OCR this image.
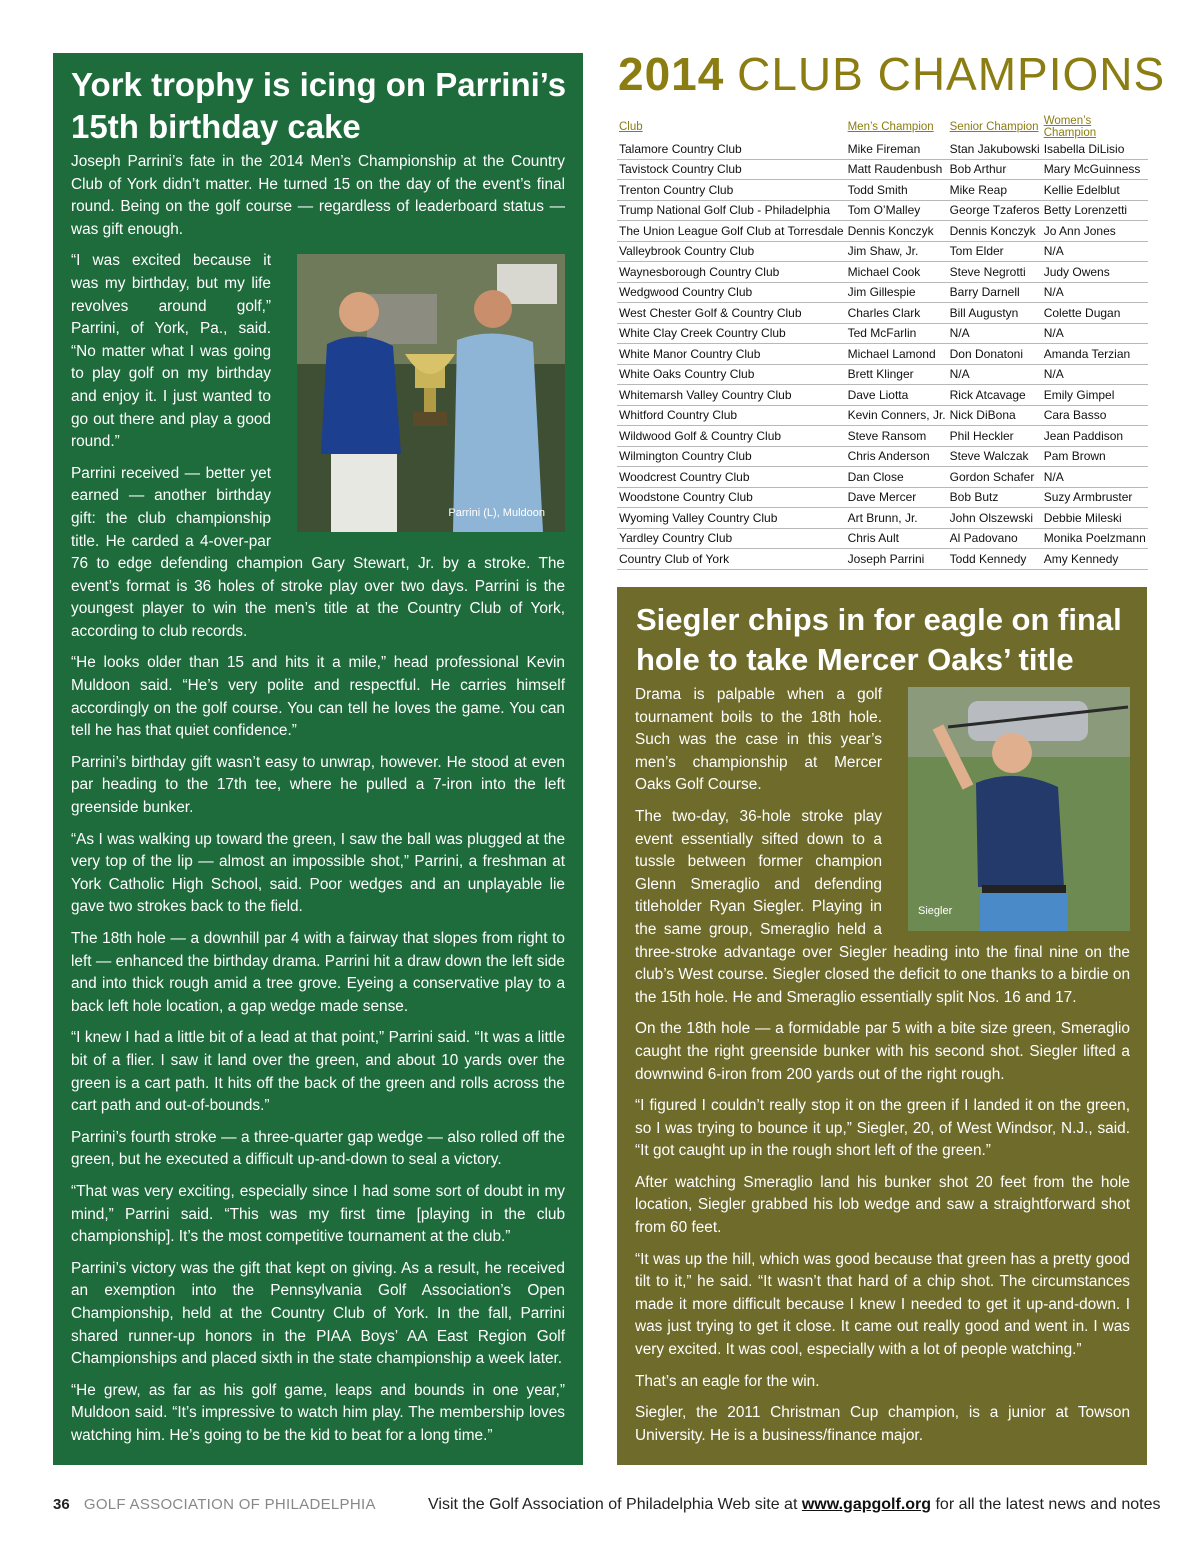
York trophy is icing on Parrini’s 15th birthday cake

Joseph Parrini’s fate in the 2014 Men’s Championship at the Country Club of York didn’t matter. He turned 15 on the day of the event’s final round. Being on the golf course — regardless of leaderboard status — was gift enough.

Parrini (L), Muldoon

“I was excited because it was my birthday, but my life revolves around golf,” Parrini, of York, Pa., said. “No matter what I was going to play golf on my birthday and enjoy it. I just wanted to go out there and play a good round.”

Parrini received — better yet earned — another birthday gift: the club championship title. He carded a 4-over-par 76 to edge defending champion Gary Stewart, Jr. by a stroke. The event’s format is 36 holes of stroke play over two days. Parrini is the youngest player to win the men’s title at the Country Club of York, according to club records.

“He looks older than 15 and hits it a mile,” head professional Kevin Muldoon said. “He’s very polite and respectful. He carries himself accordingly on the golf course. You can tell he loves the game. You can tell he has that quiet confidence.”

Parrini’s birthday gift wasn’t easy to unwrap, however. He stood at even par heading to the 17th tee, where he pulled a 7-iron into the left greenside bunker.

“As I was walking up toward the green, I saw the ball was plugged at the very top of the lip — almost an impossible shot,” Parrini, a freshman at York Catholic High School, said. Poor wedges and an unplayable lie gave two strokes back to the field.

The 18th hole — a downhill par 4 with a fairway that slopes from right to left — enhanced the birthday drama. Parrini hit a draw down the left side and into thick rough amid a tree grove. Eyeing a conservative play to a back left hole location, a gap wedge made sense.

“I knew I had a little bit of a lead at that point,” Parrini said. “It was a little bit of a flier. I saw it land over the green, and about 10 yards over the green is a cart path. It hits off the back of the green and rolls across the cart path and out-of-bounds.”

Parrini’s fourth stroke — a three-quarter gap wedge — also rolled off the green, but he executed a difficult up-and-down to seal a victory.

“That was very exciting, especially since I had some sort of doubt in my mind,” Parrini said. “This was my first time [playing in the club championship]. It’s the most competitive tournament at the club.”

Parrini’s victory was the gift that kept on giving. As a result, he received an exemption into the Pennsylvania Golf Association’s Open Championship, held at the Country Club of York. In the fall, Parrini shared runner-up honors in the PIAA Boys’ AA East Region Golf Championships and placed sixth in the state championship a week later.

“He grew, as far as his golf game, leaps and bounds in one year,” Muldoon said. “It’s impressive to watch him play. The membership loves watching him. He’s going to be the kid to beat for a long time.”

2014 CLUB CHAMPIONS
Club	Men’s Champion	Senior Champion	Women’s Champion
Talamore Country Club	Mike Fireman	Stan Jakubowski	Isabella DiLisio
Tavistock Country Club	Matt Raudenbush	Bob Arthur	Mary McGuinness
Trenton Country Club	Todd Smith	Mike Reap	Kellie Edelblut
Trump National Golf Club - Philadelphia	Tom O’Malley	George Tzaferos	Betty Lorenzetti
The Union League Golf Club at Torresdale	Dennis Konczyk	Dennis Konczyk	Jo Ann Jones
Valleybrook Country Club	Jim Shaw, Jr.	Tom Elder	N/A
Waynesborough Country Club	Michael Cook	Steve Negrotti	Judy Owens
Wedgwood Country Club	Jim Gillespie	Barry Darnell	N/A
West Chester Golf & Country Club	Charles Clark	Bill Augustyn	Colette Dugan
White Clay Creek Country Club	Ted McFarlin	N/A	N/A
White Manor Country Club	Michael Lamond	Don Donatoni	Amanda Terzian
White Oaks Country Club	Brett Klinger	N/A	N/A
Whitemarsh Valley Country Club	Dave Liotta	Rick Atcavage	Emily Gimpel
Whitford Country Club	Kevin Conners, Jr.	Nick DiBona	Cara Basso
Wildwood Golf & Country Club	Steve Ransom	Phil Heckler	Jean Paddison
Wilmington Country Club	Chris Anderson	Steve Walczak	Pam Brown
Woodcrest Country Club	Dan Close	Gordon Schafer	N/A
Woodstone Country Club	Dave Mercer	Bob Butz	Suzy Armbruster
Wyoming Valley Country Club	Art Brunn, Jr.	John Olszewski	Debbie Mileski
Yardley Country Club	Chris Ault	Al Padovano	Monika Poelzmann
Country Club of York	Joseph Parrini	Todd Kennedy	Amy Kennedy
Siegler chips in for eagle on final hole to take Mercer Oaks’ title
Siegler

Drama is palpable when a golf tournament boils to the 18th hole. Such was the case in this year’s men’s championship at Mercer Oaks Golf Course.

The two-day, 36-hole stroke play event essentially sifted down to a tussle between former champion Glenn Smeraglio and defending titleholder Ryan Siegler. Playing in the same group, Smeraglio held a three-stroke advantage over Siegler heading into the final nine on the club’s West course. Siegler closed the deficit to one thanks to a birdie on the 15th hole. He and Smeraglio essentially split Nos. 16 and 17.

On the 18th hole — a formidable par 5 with a bite size green, Smeraglio caught the right greenside bunker with his second shot. Siegler lifted a downwind 6-iron from 200 yards out of the right rough.

“I figured I couldn’t really stop it on the green if I landed it on the green, so I was trying to bounce it up,” Siegler, 20, of West Windsor, N.J., said. “It got caught up in the rough short left of the green.”

After watching Smeraglio land his bunker shot 20 feet from the hole location, Siegler grabbed his lob wedge and saw a straightforward shot from 60 feet.

“It was up the hill, which was good because that green has a pretty good tilt to it,” he said. “It wasn’t that hard of a chip shot. The circumstances made it more difficult because I knew I needed to get it up-and-down. I was just trying to get it close. It came out really good and went in. I was very excited. It was cool, especially with a lot of people watching.”

That’s an eagle for the win.

Siegler, the 2011 Christman Cup champion, is a junior at Towson University. He is a business/finance major.

36 GOLF ASSOCIATION OF PHILADELPHIA	Visit the Golf Association of Philadelphia Web site at www.gapgolf.org for all the latest news and notes
